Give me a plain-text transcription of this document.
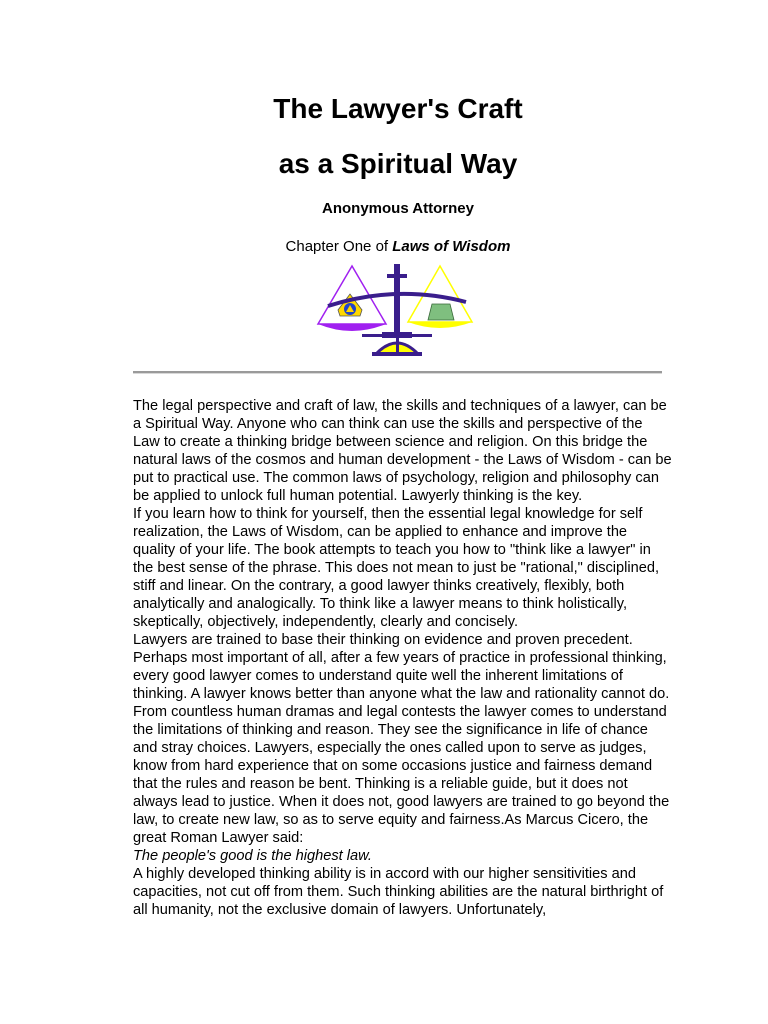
The Lawyer's Craft
as a Spiritual Way
Anonymous Attorney
Chapter One of Laws of Wisdom

The legal perspective and craft of law, the skills and techniques of a lawyer, can be a Spiritual Way. Anyone who can think can use the skills and perspective of the Law to create a thinking bridge between science and religion. On this bridge the natural laws of the cosmos and human development - the Laws of Wisdom - can be put to practical use. The common laws of psychology, religion and philosophy can be applied to unlock full human potential. Lawyerly thinking is the key.

If you learn how to think for yourself, then the essential legal knowledge for self realization, the Laws of Wisdom, can be applied to enhance and improve the quality of your life. The book attempts to teach you how to "think like a lawyer" in the best sense of the phrase. This does not mean to just be "rational," disciplined, stiff and linear. On the contrary, a good lawyer thinks creatively, flexibly, both analytically and analogically. To think like a lawyer means to think holistically, skeptically, objectively, independently, clearly and concisely.

Lawyers are trained to base their thinking on evidence and proven precedent. Perhaps most important of all, after a few years of practice in professional thinking, every good lawyer comes to understand quite well the inherent limitations of thinking. A lawyer knows better than anyone what the law and rationality cannot do. From countless human dramas and legal contests the lawyer comes to understand the limitations of thinking and reason. They see the significance in life of chance and stray choices. Lawyers, especially the ones called upon to serve as judges, know from hard experience that on some occasions justice and fairness demand that the rules and reason be bent. Thinking is a reliable guide, but it does not always lead to justice. When it does not, good lawyers are trained to go beyond the law, to create new law, so as to serve equity and fairness.As Marcus Cicero, the great Roman Lawyer said:

The people's good is the highest law.

A highly developed thinking ability is in accord with our higher sensitivities and capacities, not cut off from them. Such thinking abilities are the natural birthright of all humanity, not the exclusive domain of lawyers. Unfortunately,
